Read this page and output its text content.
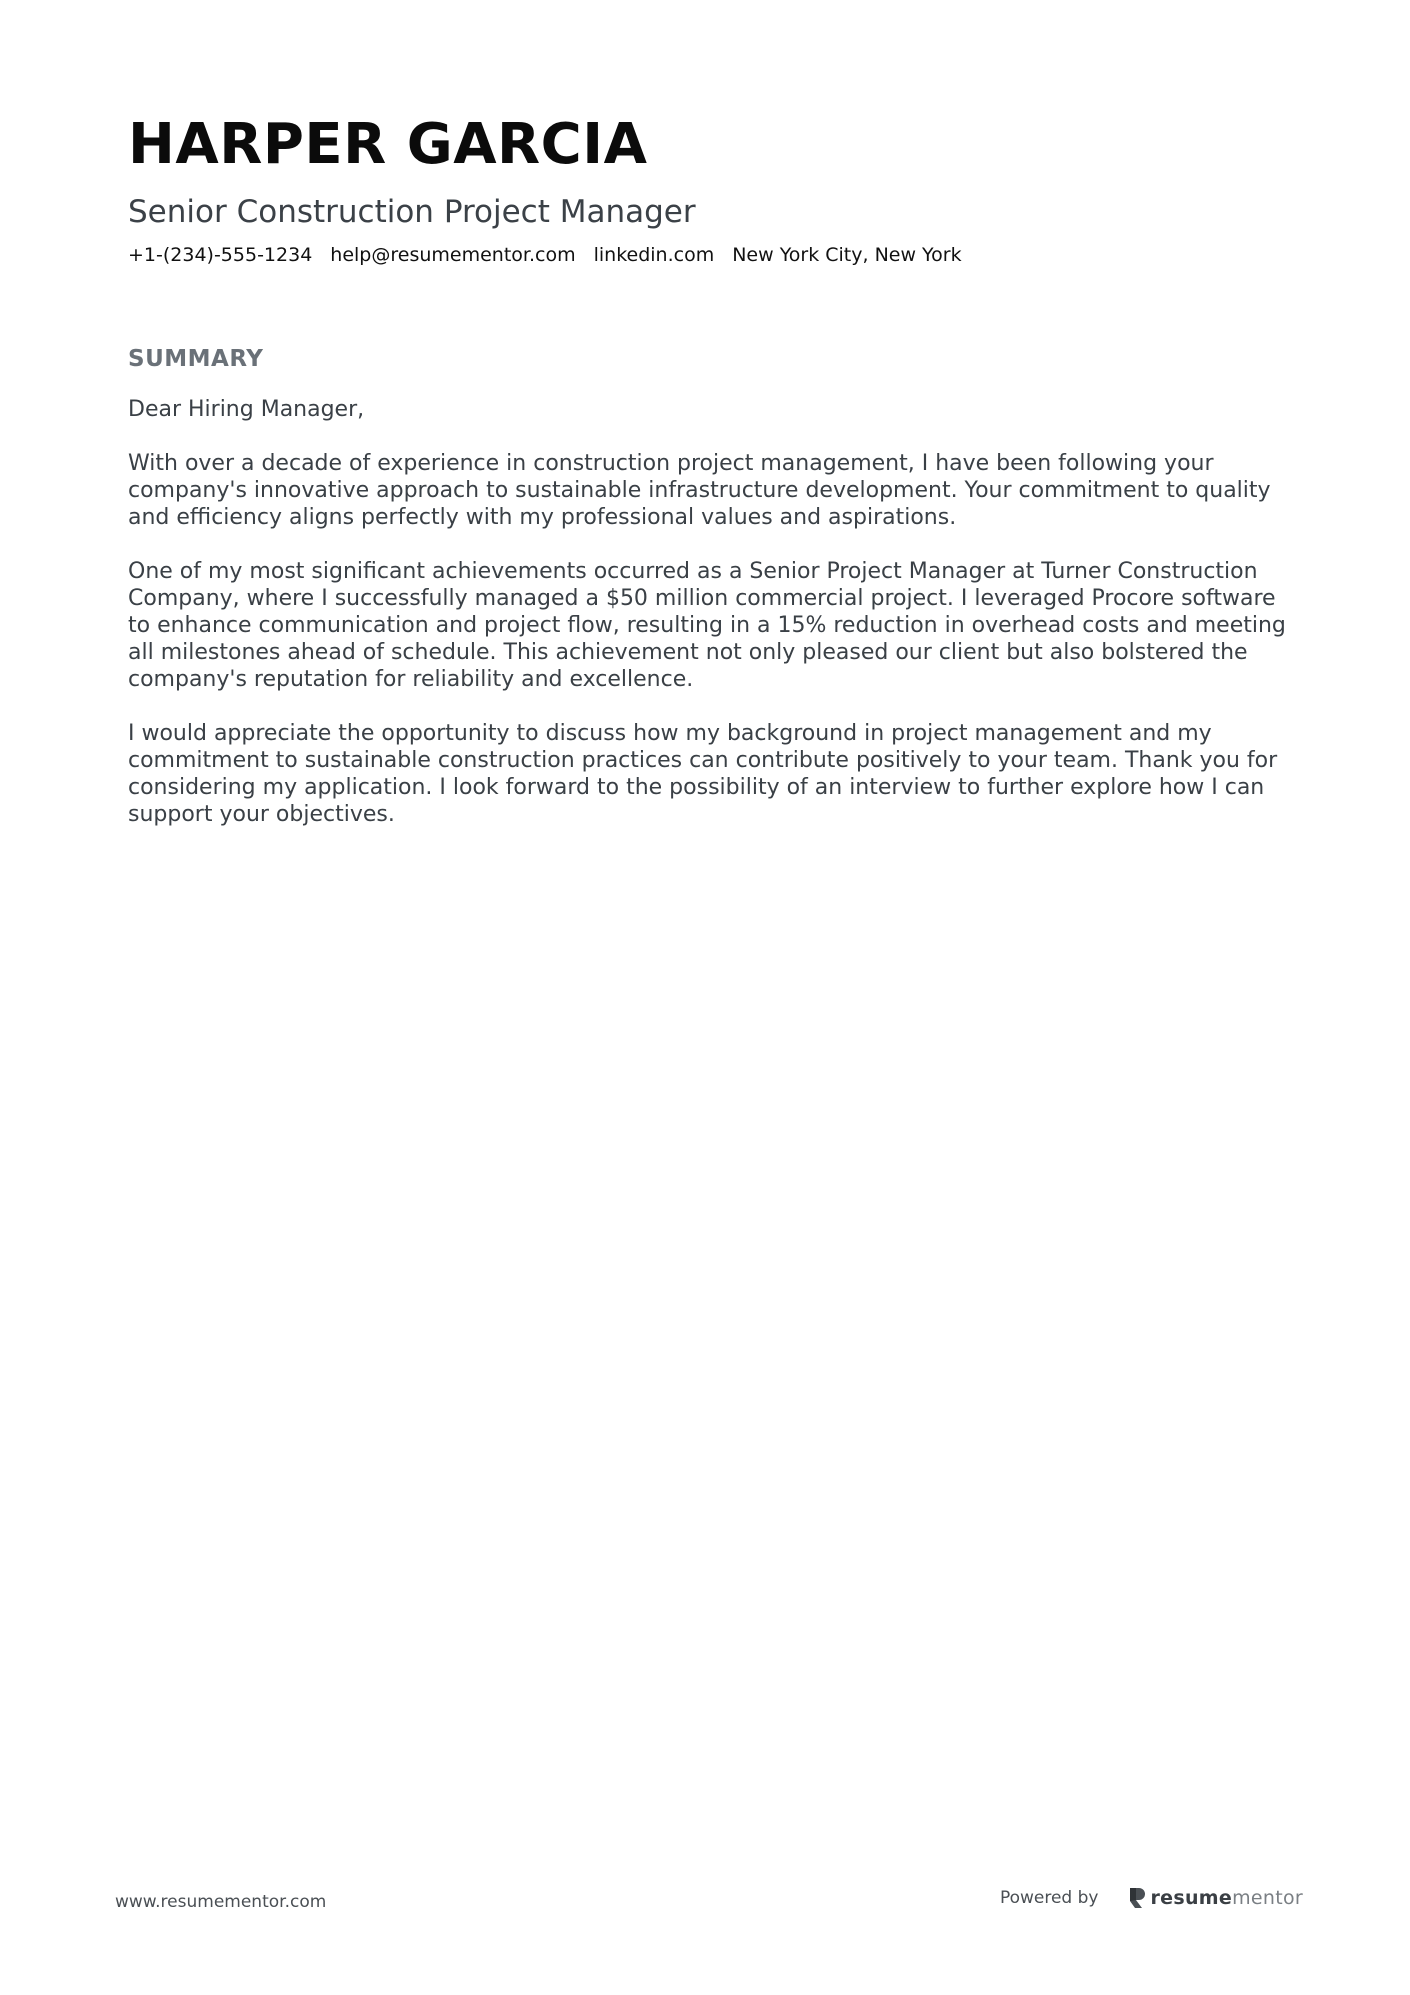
HARPER GARCIA
Senior Construction Project Manager
+1-(234)-555-1234 help@resumementor.com linkedin.com New York City, New York
SUMMARY

Dear Hiring Manager,

With over a decade of experience in construction project management, I have been following your company's innovative approach to sustainable infrastructure development. Your commitment to quality and efficiency aligns perfectly with my professional values and aspirations.

One of my most significant achievements occurred as a Senior Project Manager at Turner Construction Company, where I successfully managed a $50 million commercial project. I leveraged Procore software to enhance communication and project flow, resulting in a 15% reduction in overhead costs and meeting all milestones ahead of schedule. This achievement not only pleased our client but also bolstered the company's reputation for reliability and excellence.

I would appreciate the opportunity to discuss how my background in project management and my commitment to sustainable construction practices can contribute positively to your team. Thank you for considering my application. I look forward to the possibility of an interview to further explore how I can support your objectives.

www.resumementor.com	Powered by	resumementor
